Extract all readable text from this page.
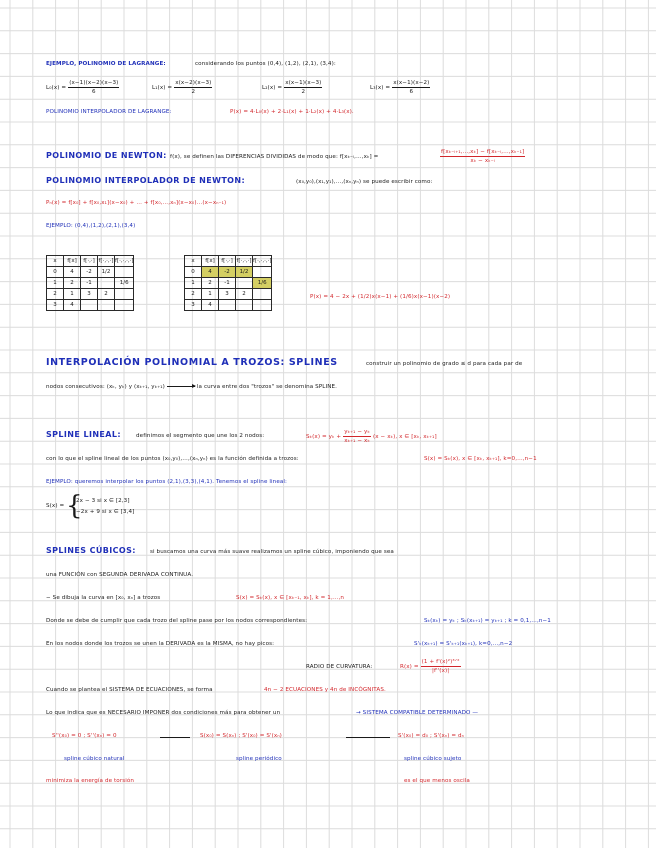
EJEMPLO, POLINOMIO DE LAGRANGE:	considerando los puntos (0,4), (1,2), (2,1), (3,4):
$L_0(x) = \frac{(x-1)(x-2)(x-3)}{6}$	$L_1(x) = \frac{x(x-2)(x-3)}{2}$	$L_2(x) = \frac{x(x-1)(x-3)}{2}$	$L_3(x) = \frac{x(x-1)(x-2)}{6}$
POLINOMIO INTERPOLADOR DE LAGRANGE:	P(x) = 4·L₀(x) + 2·L₁(x) + 1·L₂(x) + 4·L₃(x).
POLINOMIO DE NEWTON: f(x), se definen las DIFERENCIAS DIVIDIDAS de modo que: f[xₖ₋ₗ,…,xₖ] =	$\frac{\text{f[xₖ₋ₗ₊₁,…,xₖ] − f[xₖ₋ₗ,…,xₖ₋₁]}}{\text{xₖ − xₖ₋ₗ}}$
POLINOMIO INTERPOLADOR DE NEWTON:	(x₀,y₀),(x₁,y₁),…,(xₙ,yₙ) se puede escribir como:
Pₙ(x) = f[x₀] + f[x₀,x₁](x−x₀) + … + f[x₀,…,xₙ](x−x₀)…(x−xₙ₋₁)
EJEMPLO: (0,4),(1,2),(2,1),(3,4)
x	f[x]	f[·,·]	f[·,·,·]	f[·,·,·,·]
0	4	-2	1/2	
1	2	-1		1/6
2	1	3	2	
3	4			
x	f[x]	f[·,·]	f[·,·,·]	f[·,·,·,·]
0	4	-2	1/2	
1	2	-1		1/6
2	1	3	2	
3	4			
P(x) = 4 − 2x + (1/2)x(x−1) + (1/6)x(x−1)(x−2)
INTERPOLACIÓN POLINOMIAL A TROZOS: SPLINES	construir un polinomio de grado ≤ d para cada par de
nodos consecutivos: (xₖ, yₖ) y (xₖ₊₁, yₖ₊₁)	la curva entre dos "trozos" se denomina SPLINE.
SPLINE LINEAL:	definimos el segmento que une los 2 nodos:	$S_k(x) = y_k + \frac{\text{yₖ₊₁ − yₖ}}{\text{xₖ₊₁ − xₖ}} (x - x_k)$, x ∈ [xₖ, xₖ₊₁]
con lo que el spline lineal de los puntos (x₀,y₀),…,(xₙ,yₙ) es la función definida a trozos:	S(x) = Sₖ(x), x ∈ [xₖ, xₖ₊₁], k=0,…,n−1
EJEMPLO: queremos interpolar los puntos (2,1),(3,3),(4,1). Tenemos el spline lineal:
S(x) = {
2x − 3 si x ∈ [2,3]
−2x + 9 si x ∈ [3,4]
SPLINES CÚBICOS:	si buscamos una curva más suave realizamos un spline cúbico, imponiendo que sea
una FUNCIÓN con SEGUNDA DERIVADA CONTINUA.
− Se dibuja la curva en [x₀, xₙ] a trozos	S(x) = Sₖ(x), x ∈ [xₖ₋₁, xₖ], k = 1,…,n
Donde se debe de cumplir que cada trozo del spline pase por los nodos correspondientes:	Sₖ(xₖ) = yₖ ; Sₖ(xₖ₊₁) = yₖ₊₁ ; k = 0,1,…,n−1
En los nodos donde los trozos se unen la DERIVADA es la MISMA, no hay picos:	S'ₖ(xₖ₊₁) = S'ₖ₊₁(xₖ₊₁), k=0,…,n−2
RADIO DE CURVATURA:	$R(x) = \frac{\text{(1 + f'(x)²)³ᐟ²}}{|f''(x)|}$
Cuando se plantea el SISTEMA DE ECUACIONES, se forma	4n − 2 ECUACIONES y 4n de INCÓGNITAS.
Lo que indica que es NECESARIO IMPONER dos condiciones más para obtener un	→ SISTEMA COMPATIBLE DETERMINADO —
S''(x₀) = 0 ; S''(xₙ) = 0	S(x₀) = S(xₙ) ; S'(x₀) = S'(xₙ)	S'(x₀) = d₀ ; S'(xₙ) = dₙ
spline cúbico natural	spline periódico	spline cúbico sujeto
minimiza la energía de torsión	es el que menos oscila
